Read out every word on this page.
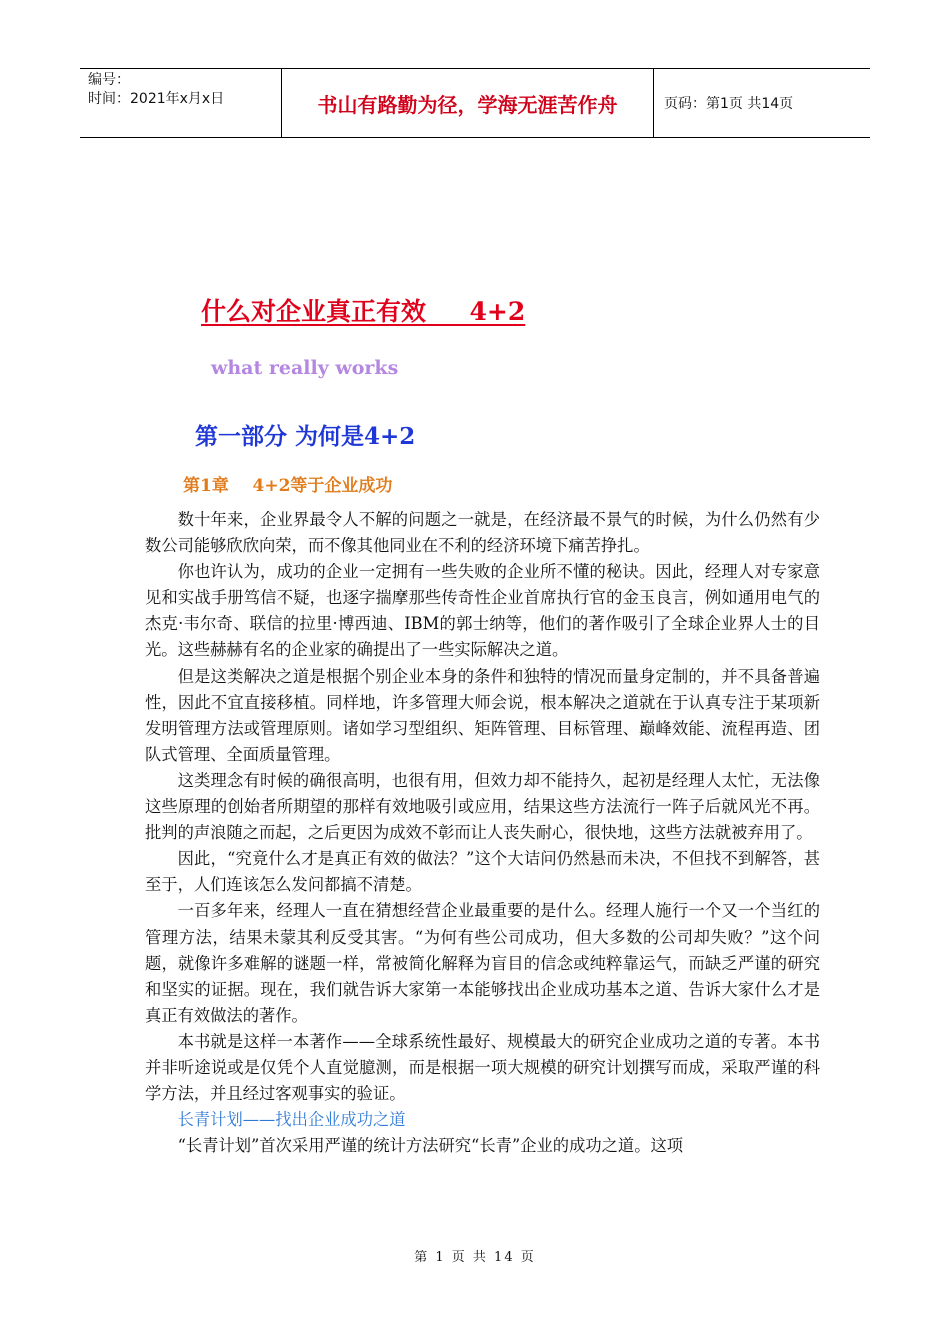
编号：
时间：2021年x月x日	书山有路勤为径，学海无涯苦作舟	页码：第1页 共14页
什么对企业真正有效     4+2
what really works
第一部分 为何是4+2
第1章    4+2等于企业成功

数十年来，企业界最令人不解的问题之一就是，在经济最不景气的时候，为什么仍然有少数公司能够欣欣向荣，而不像其他同业在不利的经济环境下痛苦挣扎。

你也许认为，成功的企业一定拥有一些失败的企业所不懂的秘诀。因此，经理人对专家意见和实战手册笃信不疑，也逐字揣摩那些传奇性企业首席执行官的金玉良言，例如通用电气的杰克·韦尔奇、联信的拉里·博西迪、IBM的郭士纳等，他们的著作吸引了全球企业界人士的目光。这些赫赫有名的企业家的确提出了一些实际解决之道。

但是这类解决之道是根据个别企业本身的条件和独特的情况而量身定制的，并不具备普遍性，因此不宜直接移植。同样地，许多管理大师会说，根本解决之道就在于认真专注于某项新发明管理方法或管理原则。诸如学习型组织、矩阵管理、目标管理、巅峰效能、流程再造、团队式管理、全面质量管理。

这类理念有时候的确很高明，也很有用，但效力却不能持久，起初是经理人太忙，无法像这些原理的创始者所期望的那样有效地吸引或应用，结果这些方法流行一阵子后就风光不再。批判的声浪随之而起，之后更因为成效不彰而让人丧失耐心，很快地，这些方法就被弃用了。

因此，“究竟什么才是真正有效的做法？”这个大诘问仍然悬而未决，不但找不到解答，甚至于，人们连该怎么发问都搞不清楚。

一百多年来，经理人一直在猜想经营企业最重要的是什么。经理人施行一个又一个当红的管理方法，结果未蒙其利反受其害。“为何有些公司成功，但大多数的公司却失败？”这个问题，就像许多难解的谜题一样，常被简化解释为盲目的信念或纯粹靠运气，而缺乏严谨的研究和坚实的证据。现在，我们就告诉大家第一本能够找出企业成功基本之道、告诉大家什么才是真正有效做法的著作。

本书就是这样一本著作——全球系统性最好、规模最大的研究企业成功之道的专著。本书并非听途说或是仅凭个人直觉臆测，而是根据一项大规模的研究计划撰写而成，采取严谨的科学方法，并且经过客观事实的验证。

长青计划——找出企业成功之道

“长青计划”首次采用严谨的统计方法研究“长青”企业的成功之道。这项

第 1 页 共 14 页
